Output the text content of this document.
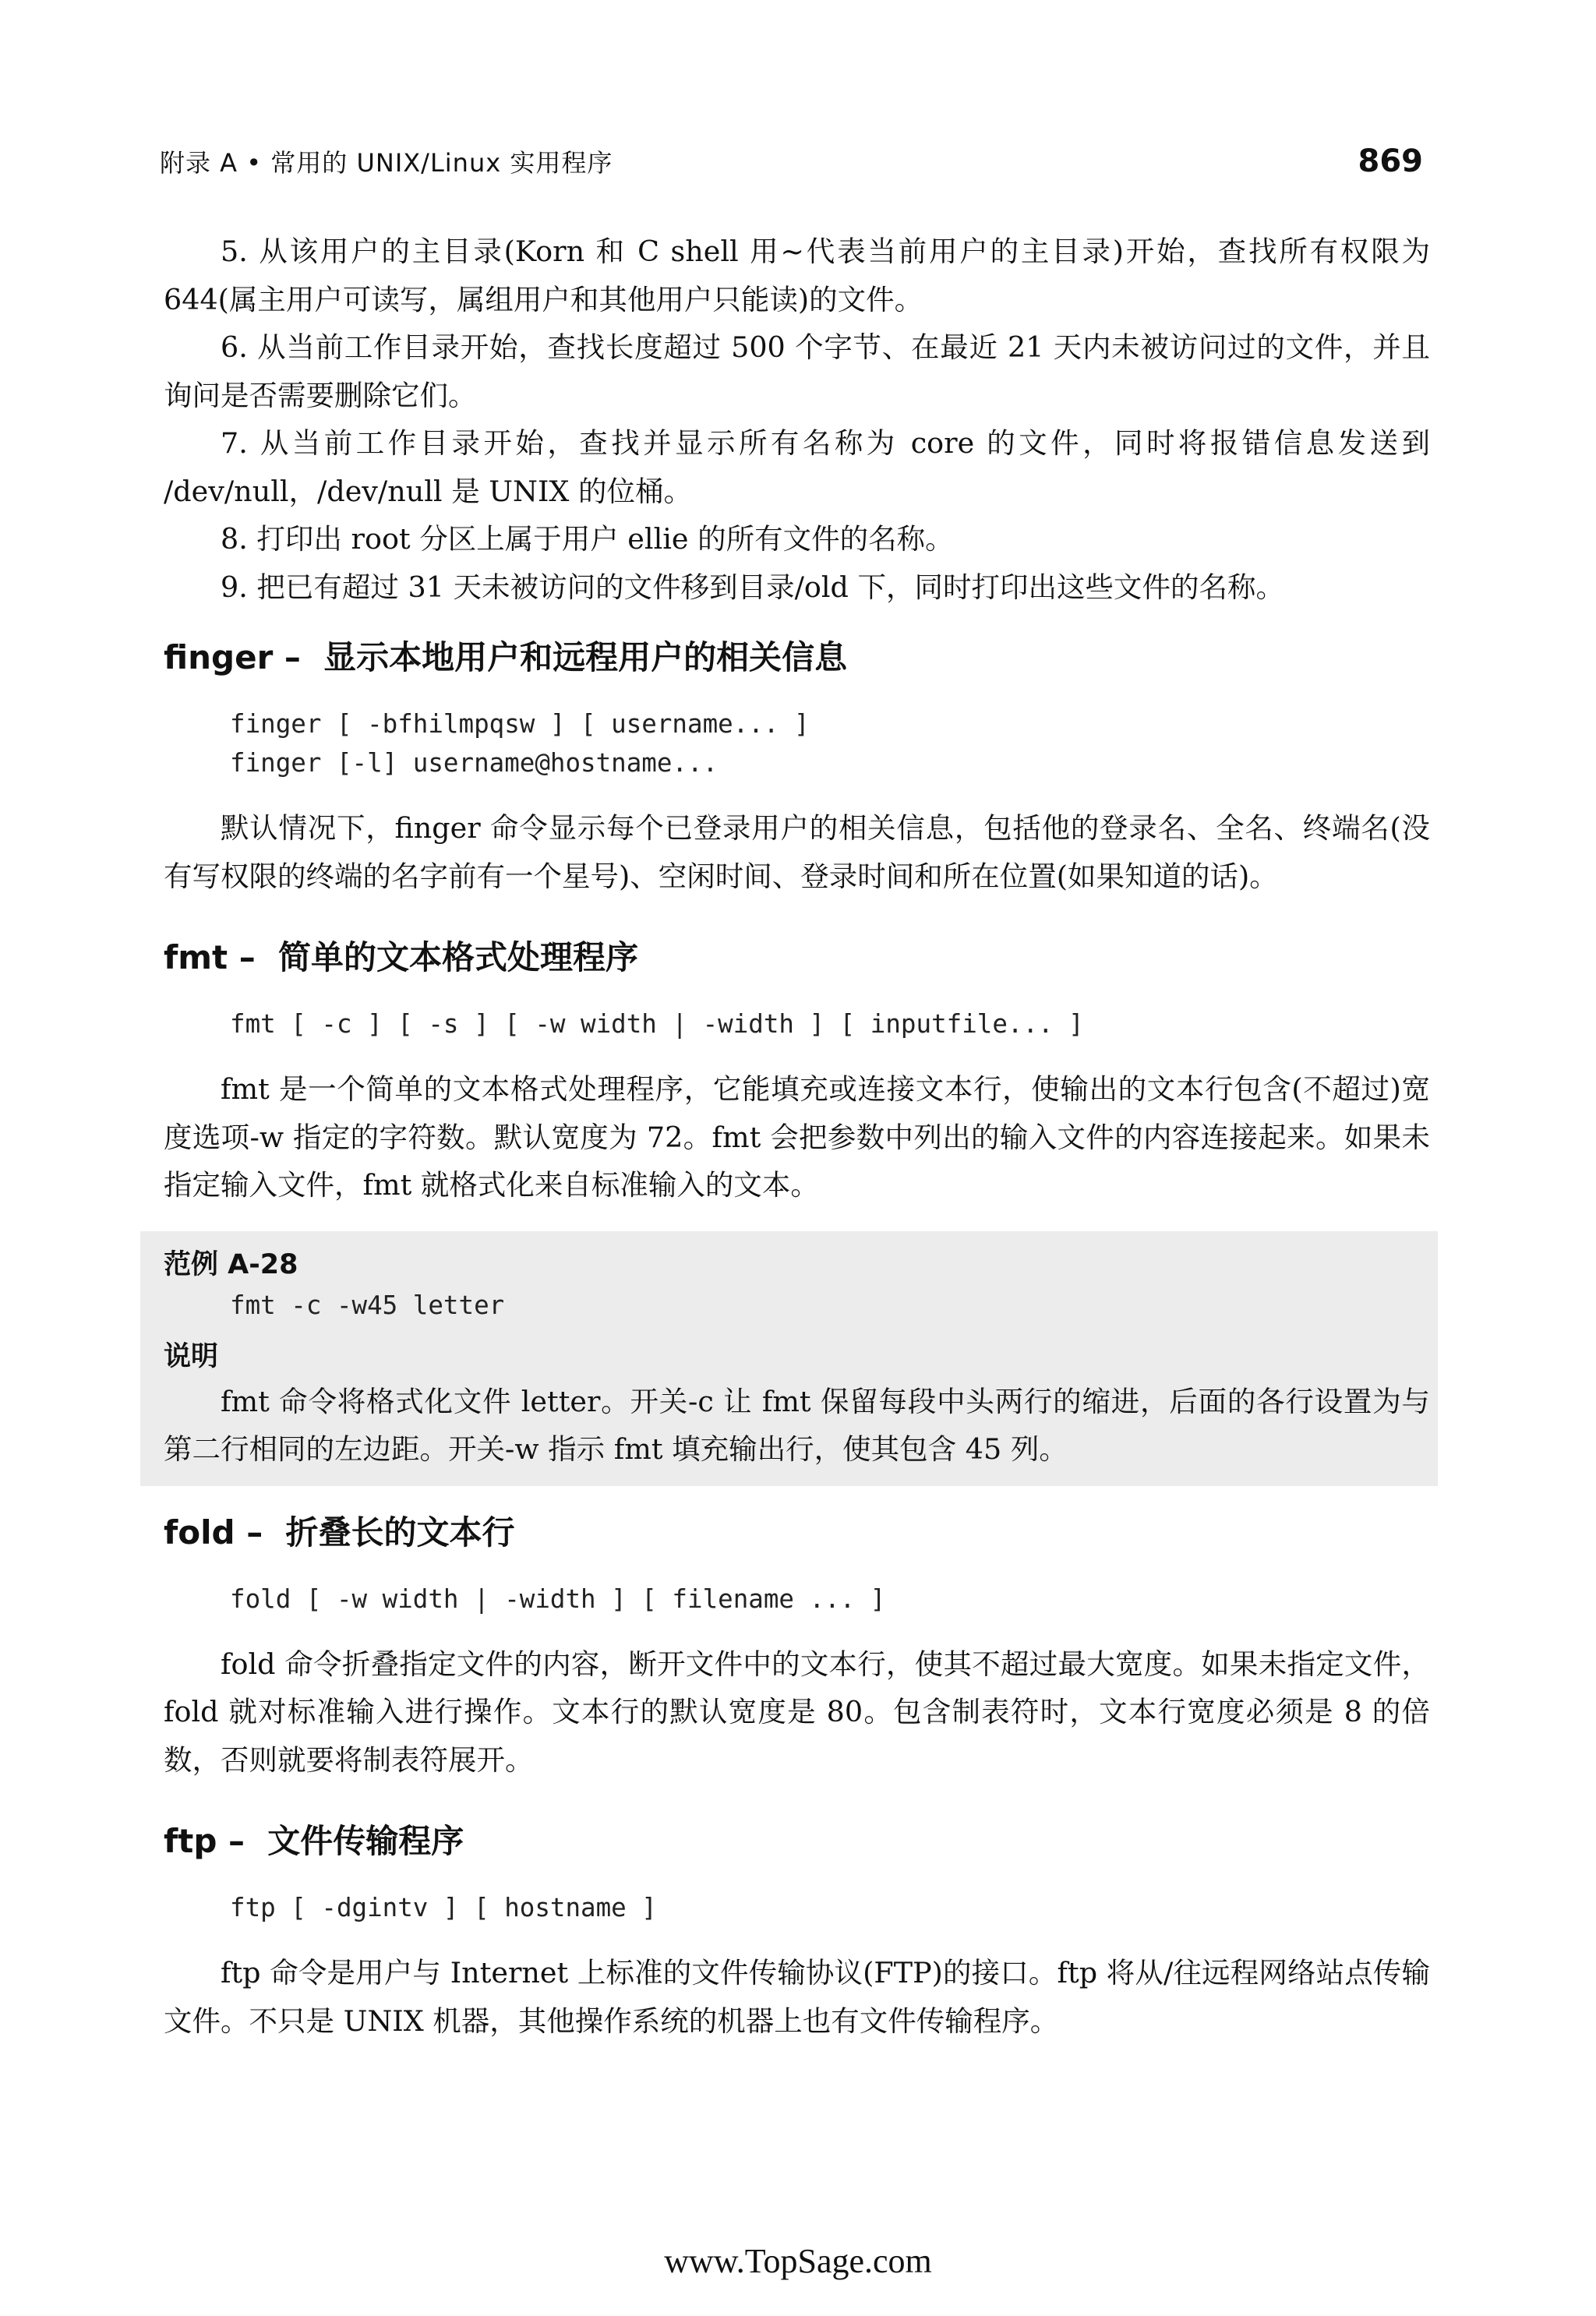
附录 A • 常用的 UNIX/Linux 实用程序	869

5. 从该用户的主目录(Korn 和 C shell 用~代表当前用户的主目录)开始，查找所有权限为 644(属主用户可读写，属组用户和其他用户只能读)的文件。

6. 从当前工作目录开始，查找长度超过 500 个字节、在最近 21 天内未被访问过的文件，并且询问是否需要删除它们。

7. 从当前工作目录开始，查找并显示所有名称为 core 的文件，同时将报错信息发送到 /dev/null，/dev/null 是 UNIX 的位桶。

8. 打印出 root 分区上属于用户 ellie 的所有文件的名称。

9. 把已有超过 31 天未被访问的文件移到目录/old 下，同时打印出这些文件的名称。

finger –  显示本地用户和远程用户的相关信息
finger [ -bfhilmpqsw ] [ username... ]
finger [-l] username@hostname...

默认情况下，finger 命令显示每个已登录用户的相关信息，包括他的登录名、全名、终端名(没有写权限的终端的名字前有一个星号)、空闲时间、登录时间和所在位置(如果知道的话)。

fmt –  简单的文本格式处理程序
fmt [ -c ] [ -s ] [ -w width | -width ] [ inputfile... ]

fmt 是一个简单的文本格式处理程序，它能填充或连接文本行，使输出的文本行包含(不超过)宽度选项-w 指定的字符数。默认宽度为 72。fmt 会把参数中列出的输入文件的内容连接起来。如果未指定输入文件，fmt 就格式化来自标准输入的文本。

范例 A-28
fmt -c -w45 letter
说明

fmt 命令将格式化文件 letter。开关-c 让 fmt 保留每段中头两行的缩进，后面的各行设置为与第二行相同的左边距。开关-w 指示 fmt 填充输出行，使其包含 45 列。

fold –  折叠长的文本行
fold [ -w width | -width ] [ filename ... ]

fold 命令折叠指定文件的内容，断开文件中的文本行，使其不超过最大宽度。如果未指定文件，fold 就对标准输入进行操作。文本行的默认宽度是 80。包含制表符时，文本行宽度必须是 8 的倍数，否则就要将制表符展开。

ftp –  文件传输程序
ftp [ -dgintv ] [ hostname ]

ftp 命令是用户与 Internet 上标准的文件传输协议(FTP)的接口。ftp 将从/往远程网络站点传输文件。不只是 UNIX 机器，其他操作系统的机器上也有文件传输程序。

www.TopSage.com
